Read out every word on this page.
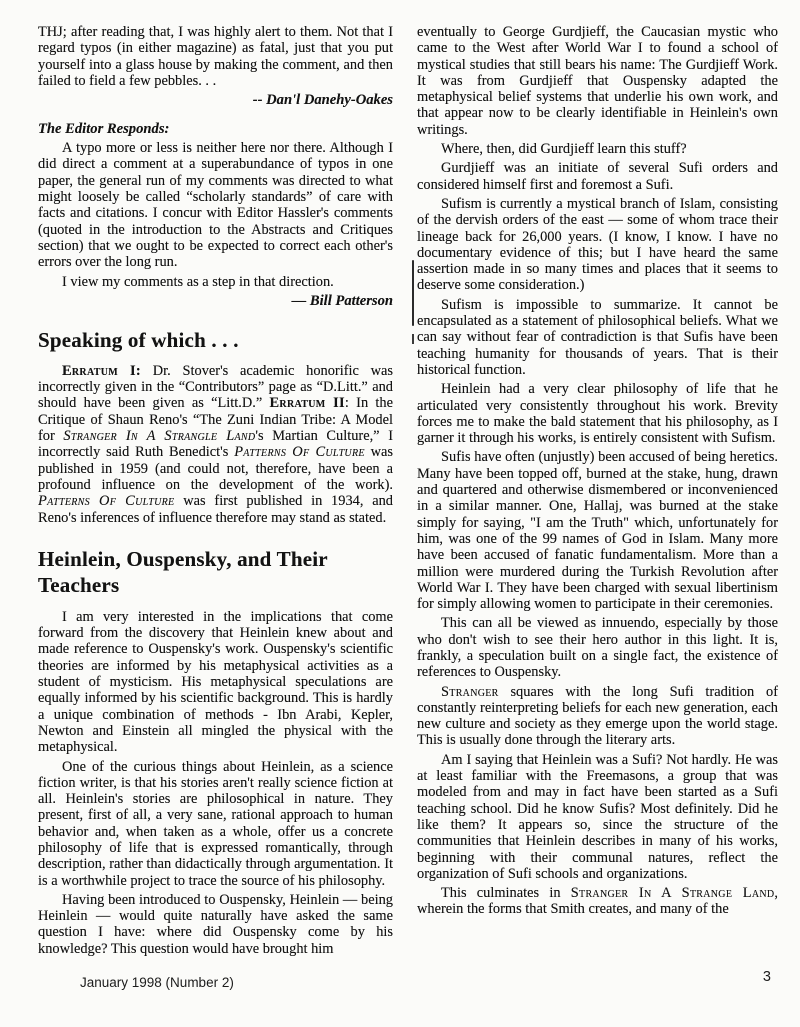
THJ; after reading that, I was highly alert to them. Not that I regard typos (in either magazine) as fatal, just that you put yourself into a glass house by making the comment, and then failed to field a few pebbles. . .

-- Dan'l Danehy-Oakes

The Editor Responds:

A typo more or less is neither here nor there. Although I did direct a comment at a superabundance of typos in one paper, the general run of my comments was directed to what might loosely be called “scholarly standards” of care with facts and citations. I concur with Editor Hassler's comments (quoted in the introduction to the Abstracts and Critiques section) that we ought to be expected to correct each other's errors over the long run.

I view my comments as a step in that direction.

— Bill Patterson

Speaking of which . . .

Erratum I: Dr. Stover's academic honorific was incorrectly given in the “Contributors” page as “D.Litt.” and should have been given as “Litt.D.” Erratum II: In the Critique of Shaun Reno's “The Zuni Indian Tribe: A Model for Stranger In A Strangle Land's Martian Culture,” I incorrectly said Ruth Benedict's Patterns Of Culture was published in 1959 (and could not, therefore, have been a profound influence on the development of the work). Patterns Of Culture was first published in 1934, and Reno's inferences of influence therefore may stand as stated.

Heinlein, Ouspensky, and Their Teachers

I am very interested in the implications that come forward from the discovery that Heinlein knew about and made reference to Ouspensky's work. Ouspensky's scientific theories are informed by his metaphysical activities as a student of mysticism. His metaphysical speculations are equally informed by his scientific background. This is hardly a unique combination of methods - Ibn Arabi, Kepler, Newton and Einstein all mingled the physical with the metaphysical.

One of the curious things about Heinlein, as a science fiction writer, is that his stories aren't really science fiction at all. Heinlein's stories are philosophical in nature. They present, first of all, a very sane, rational approach to human behavior and, when taken as a whole, offer us a concrete philosophy of life that is expressed romantically, through description, rather than didactically through argumentation. It is a worthwhile project to trace the source of his philosophy.

Having been introduced to Ouspensky, Heinlein — being Heinlein — would quite naturally have asked the same question I have: where did Ouspensky come by his knowledge? This question would have brought him

eventually to George Gurdjieff, the Caucasian mystic who came to the West after World War I to found a school of mystical studies that still bears his name: The Gurdjieff Work. It was from Gurdjieff that Ouspensky adapted the metaphysical belief systems that underlie his own work, and that appear now to be clearly identifiable in Heinlein's own writings.

Where, then, did Gurdjieff learn this stuff?

Gurdjieff was an initiate of several Sufi orders and considered himself first and foremost a Sufi.

Sufism is currently a mystical branch of Islam, consisting of the dervish orders of the east — some of whom trace their lineage back for 26,000 years. (I know, I know. I have no documentary evidence of this; but I have heard the same assertion made in so many times and places that it seems to deserve some consideration.)

Sufism is impossible to summarize. It cannot be encapsulated as a statement of philosophical beliefs. What we can say without fear of contradiction is that Sufis have been teaching humanity for thousands of years. That is their historical function.

Heinlein had a very clear philosophy of life that he articulated very consistently throughout his work. Brevity forces me to make the bald statement that his philosophy, as I garner it through his works, is entirely consistent with Sufism.

Sufis have often (unjustly) been accused of being heretics. Many have been topped off, burned at the stake, hung, drawn and quartered and otherwise dismembered or inconvenienced in a similar manner. One, Hallaj, was burned at the stake simply for saying, "I am the Truth" which, unfortunately for him, was one of the 99 names of God in Islam. Many more have been accused of fanatic fundamentalism. More than a million were murdered during the Turkish Revolution after World War I. They have been charged with sexual libertinism for simply allowing women to participate in their ceremonies.

This can all be viewed as innuendo, especially by those who don't wish to see their hero author in this light. It is, frankly, a speculation built on a single fact, the existence of references to Ouspensky.

Stranger squares with the long Sufi tradition of constantly reinterpreting beliefs for each new generation, each new culture and society as they emerge upon the world stage. This is usually done through the literary arts.

Am I saying that Heinlein was a Sufi? Not hardly. He was at least familiar with the Freemasons, a group that was modeled from and may in fact have been started as a Sufi teaching school. Did he know Sufis? Most definitely. Did he like them? It appears so, since the structure of the communities that Heinlein describes in many of his works, beginning with their communal natures, reflect the organization of Sufi schools and organizations.

This culminates in Stranger In A Strange Land, wherein the forms that Smith creates, and many of the

January 1998 (Number 2)	3
